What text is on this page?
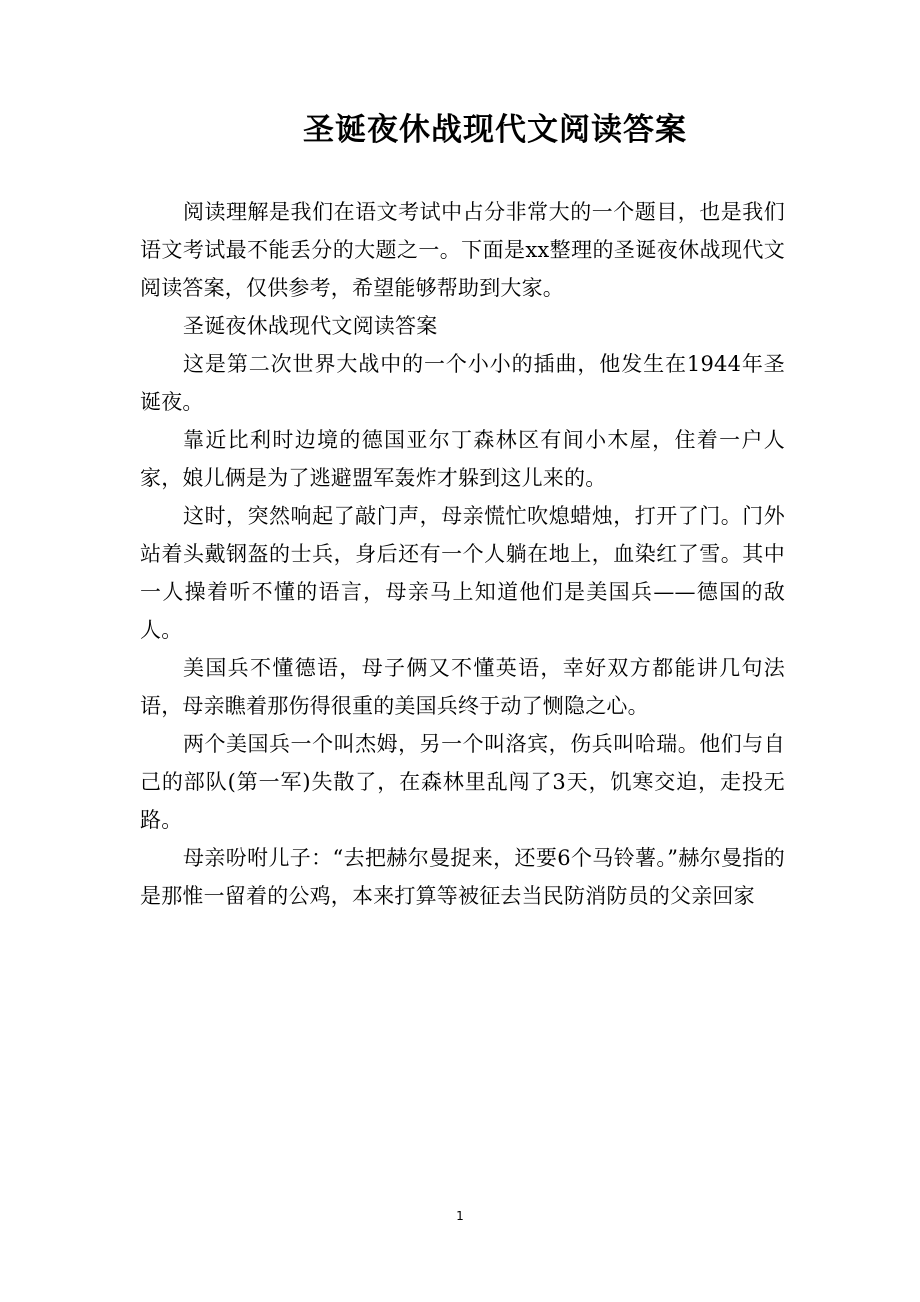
圣诞夜休战现代文阅读答案

阅读理解是我们在语文考试中占分非常大的一个题目，也是我们语文考试最不能丢分的大题之一。下面是xx整理的圣诞夜休战现代文阅读答案，仅供参考，希望能够帮助到大家。

圣诞夜休战现代文阅读答案

这是第二次世界大战中的一个小小的插曲，他发生在1944年圣诞夜。

靠近比利时边境的德国亚尔丁森林区有间小木屋，住着一户人家，娘儿俩是为了逃避盟军轰炸才躲到这儿来的。

这时，突然响起了敲门声，母亲慌忙吹熄蜡烛，打开了门。门外站着头戴钢盔的士兵，身后还有一个人躺在地上，血染红了雪。其中一人操着听不懂的语言，母亲马上知道他们是美国兵——德国的敌人。

美国兵不懂德语，母子俩又不懂英语，幸好双方都能讲几句法语，母亲瞧着那伤得很重的美国兵终于动了恻隐之心。

两个美国兵一个叫杰姆，另一个叫洛宾，伤兵叫哈瑞。他们与自己的部队(第一军)失散了，在森林里乱闯了3天，饥寒交迫，走投无路。

母亲吩咐儿子：“去把赫尔曼捉来，还要6个马铃薯。”赫尔曼指的是那惟一留着的公鸡，本来打算等被征去当民防消防员的父亲回家

1
